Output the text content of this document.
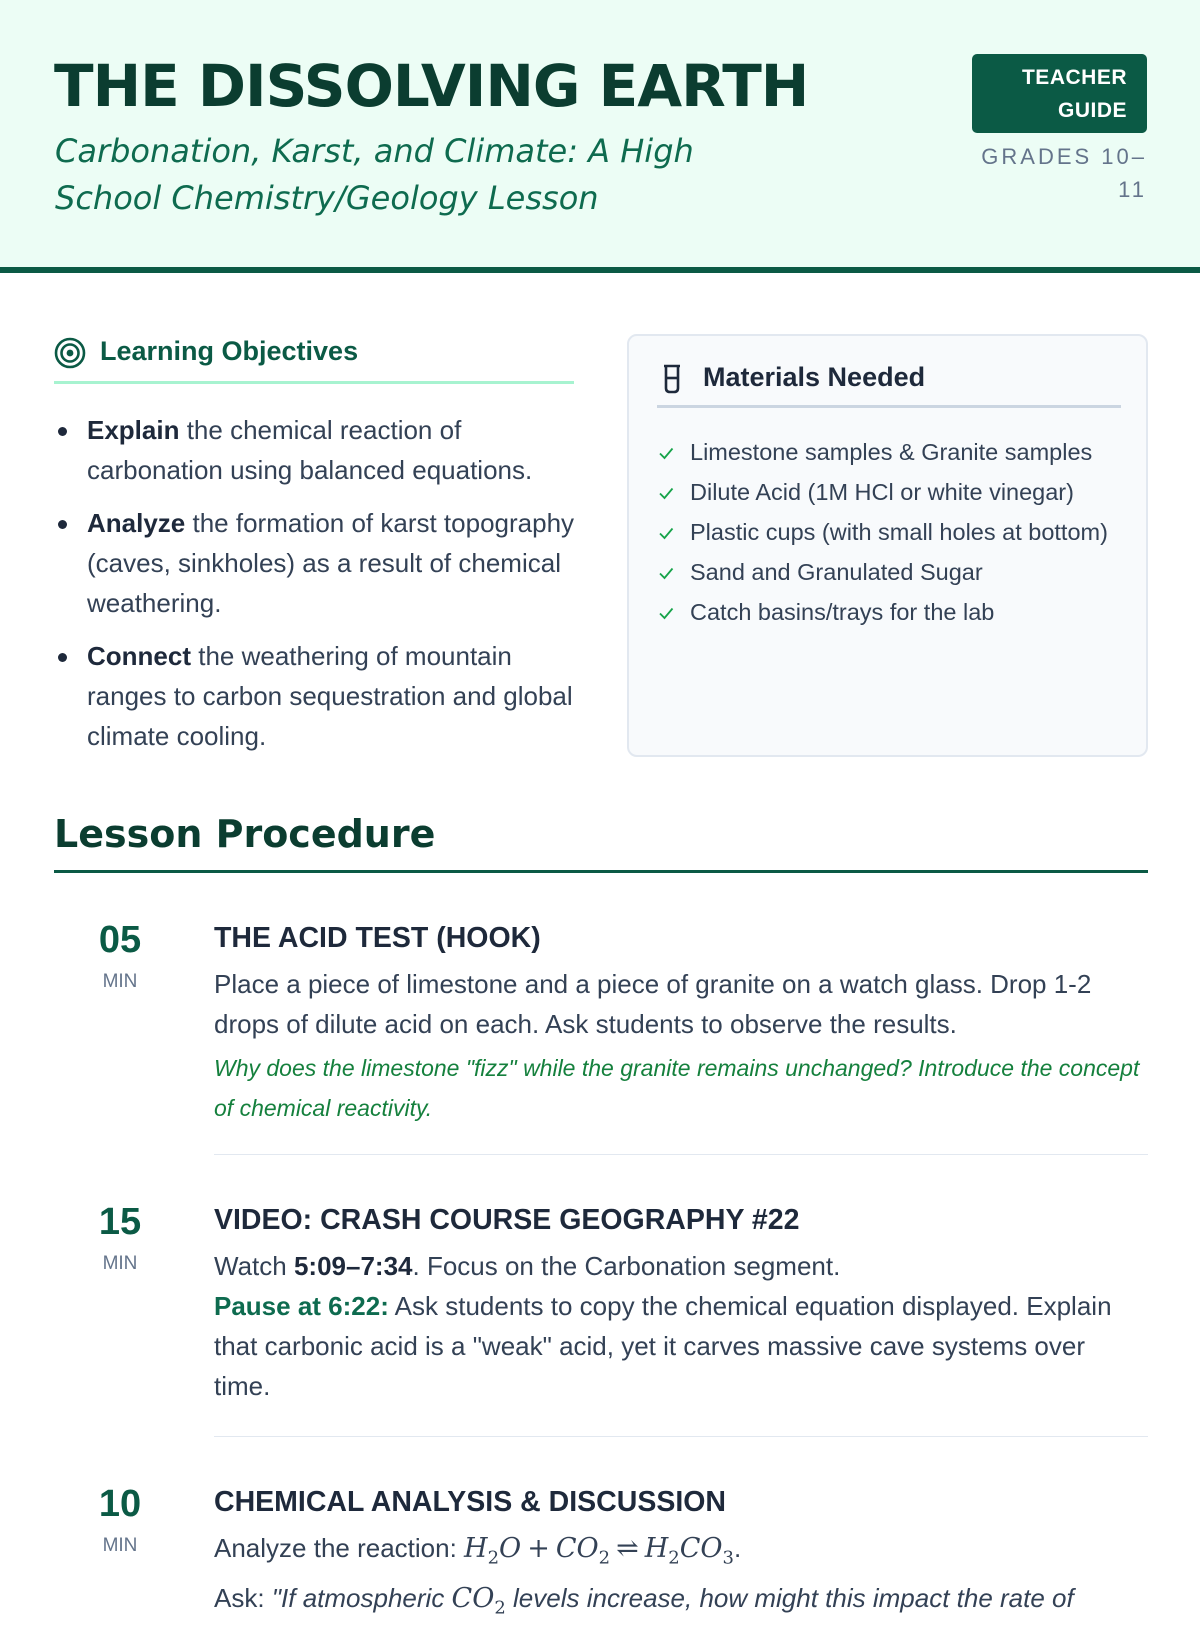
THE DISSOLVING EARTH
Carbonation, Karst, and Climate: A High School Chemistry/Geology Lesson
TEACHER GUIDE
GRADES 10–11
Learning Objectives
Explain the chemical reaction of carbonation using balanced equations.
Analyze the formation of karst topography (caves, sinkholes) as a result of chemical weathering.
Connect the weathering of mountain ranges to carbon sequestration and global climate cooling.
Materials Needed
Limestone samples & Granite samples
Dilute Acid (1M HCl or white vinegar)
Plastic cups (with small holes at bottom)
Sand and Granulated Sugar
Catch basins/trays for the lab
Lesson Procedure
05
MIN
THE ACID TEST (HOOK)
Place a piece of limestone and a piece of granite on a watch glass. Drop 1-2 drops of dilute acid on each. Ask students to observe the results.
Why does the limestone "fizz" while the granite remains unchanged? Introduce the concept of chemical reactivity.
15
MIN
VIDEO: CRASH COURSE GEOGRAPHY #22
Watch 5:09–7:34. Focus on the Carbonation segment.
Pause at 6:22: Ask students to copy the chemical equation displayed. Explain that carbonic acid is a "weak" acid, yet it carves massive cave systems over time.
10
MIN
CHEMICAL ANALYSIS & DISCUSSION
Analyze the reaction: $H_2O + CO_2$ ⇌ $H_2CO_3$.
Ask: "If atmospheric $CO_2$ levels increase, how might this impact the rate of
